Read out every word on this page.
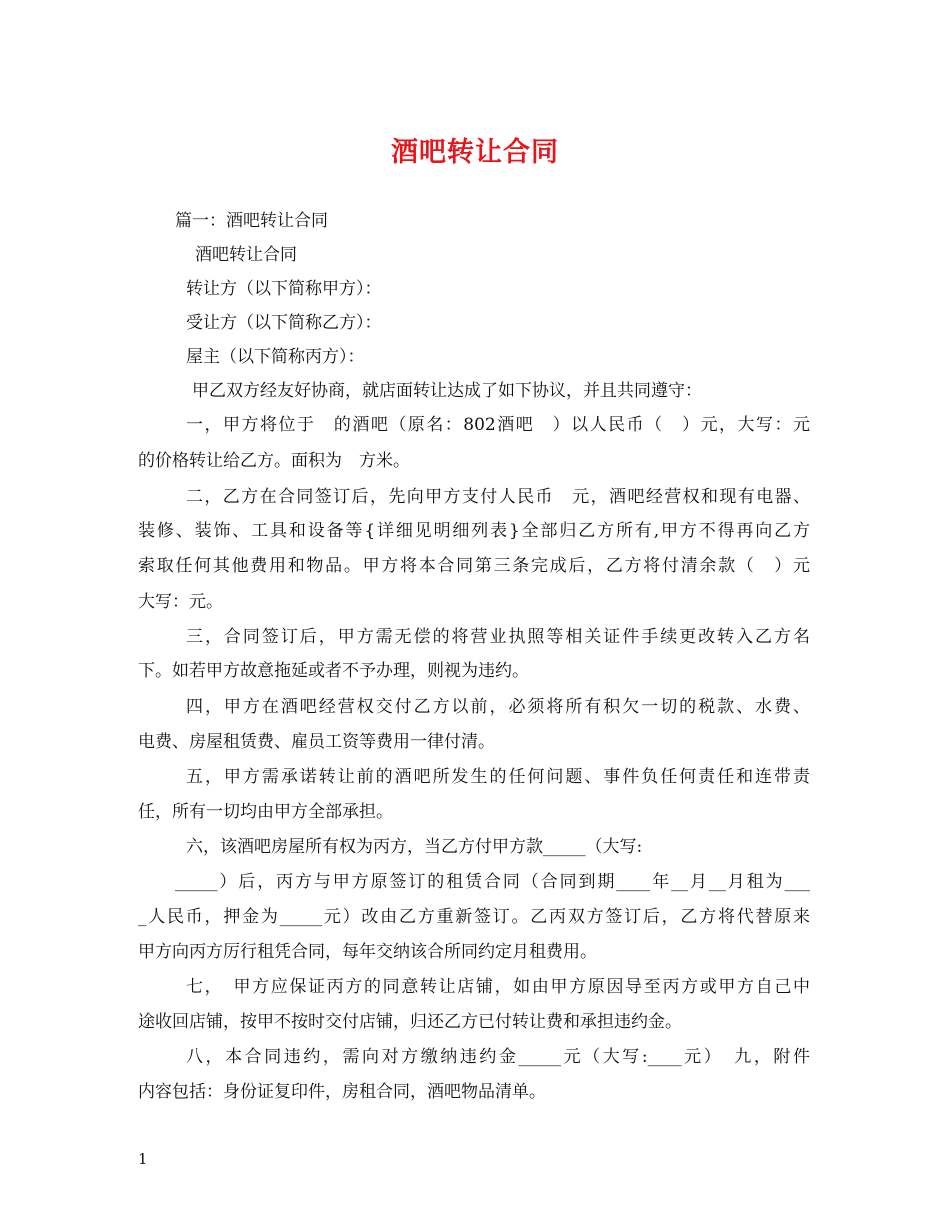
酒吧转让合同
篇一：酒吧转让合同
酒吧转让合同
转让方（以下简称甲方）：
受让方（以下简称乙方）：
屋主（以下简称丙方）：
甲乙双方经友好协商，就店面转让达成了如下协议，并且共同遵守：
一，甲方将位于　的酒吧（原名：802酒吧　）以人民币（　）元，大写：元
的价格转让给乙方。面积为　方米。
二，乙方在合同签订后，先向甲方支付人民币　元，酒吧经营权和现有电器、
装修、装饰、工具和设备等{详细见明细列表}全部归乙方所有,甲方不得再向乙方
索取任何其他费用和物品。甲方将本合同第三条完成后，乙方将付清余款（　）元
大写：元。
三，合同签订后，甲方需无偿的将营业执照等相关证件手续更改转入乙方名
下。如若甲方故意拖延或者不予办理，则视为违约。
四，甲方在酒吧经营权交付乙方以前，必须将所有积欠一切的税款、水费、
电费、房屋租赁费、雇员工资等费用一律付清。
五，甲方需承诺转让前的酒吧所发生的任何问题、事件负任何责任和连带责
任，所有一切均由甲方全部承担。
六，该酒吧房屋所有权为丙方，当乙方付甲方款_____（大写:
_____）后，丙方与甲方原签订的租赁合同（合同到期____年__月__月租为___
_人民币，押金为_____元）改由乙方重新签订。乙丙双方签订后，乙方将代替原来
甲方向丙方厉行租凭合同，每年交纳该合所同约定月租费用。
七，　甲方应保证丙方的同意转让店铺，如由甲方原因导至丙方或甲方自己中
途收回店铺，按甲不按时交付店铺，归还乙方已付转让费和承担违约金。
八，本合同违约，需向对方缴纳违约金_____元（大写:____元）　九，附件
内容包括：身份证复印件，房租合同，酒吧物品清单。
1
